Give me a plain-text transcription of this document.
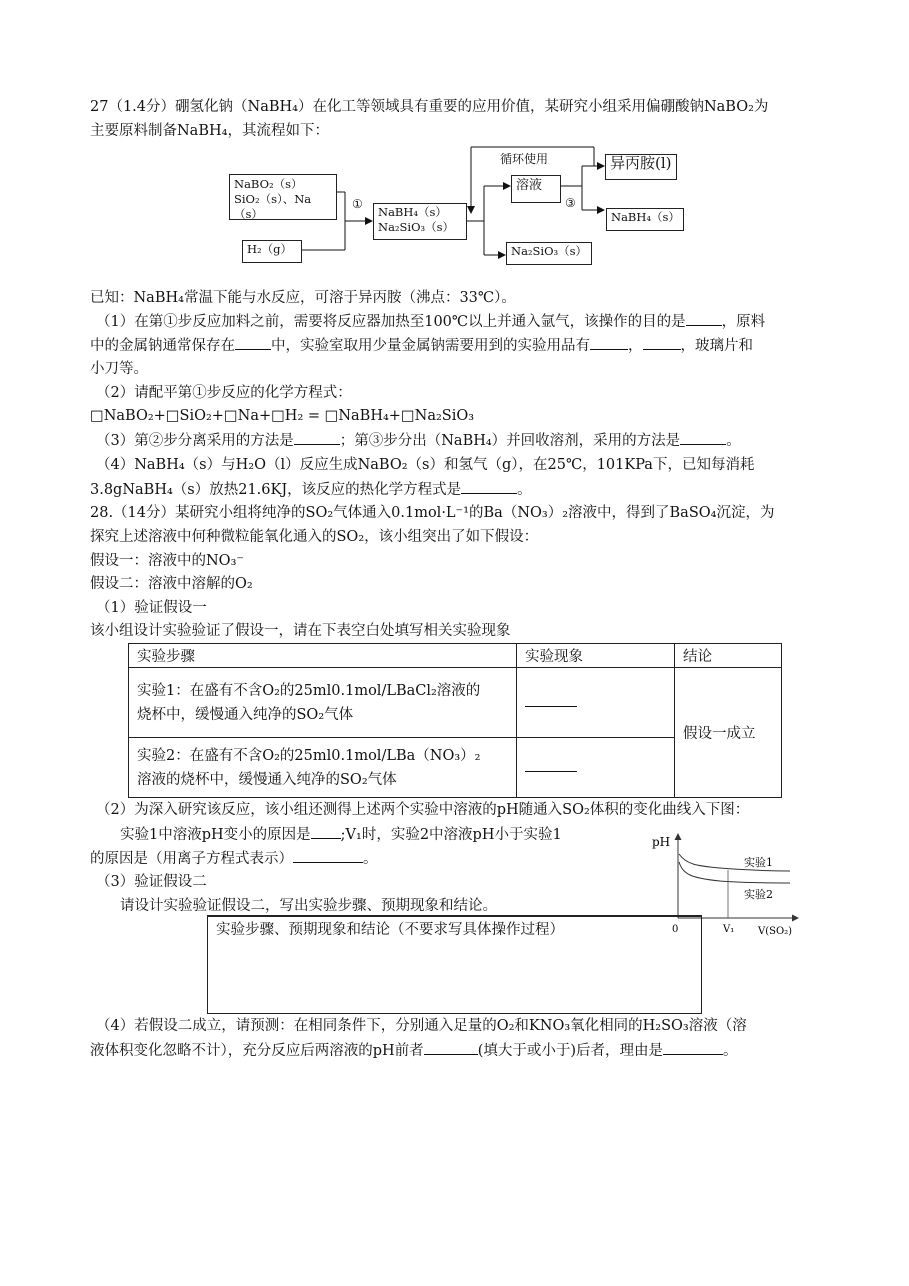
27（1.4分）硼氢化钠（NaBH₄）在化工等领域具有重要的应用价值，某研究小组采用偏硼酸钠NaBO₂为
主要原料制备NaBH₄，其流程如下：
NaBO₂（s）
SiO₂（s）、Na（s）
H₂（g）
①
NaBH₄（s）
Na₂SiO₃（s）
循环使用
溶液
③
异丙胺(l)
NaBH₄（s）
Na₂SiO₃（s）
已知：NaBH₄常温下能与水反应，可溶于异丙胺（沸点：33℃）。
（1）在第①步反应加料之前，需要将反应器加热至100℃以上并通入氩气，该操作的目的是 ，原料
中的金属钠通常保存在 中，实验室取用少量金属钠需要用到的实验用品有	，	，玻璃片和
小刀等。
（2）请配平第①步反应的化学方程式：
□NaBO₂+□SiO₂+□Na+□H₂ = □NaBH₄+□Na₂SiO₃
（3）第②步分离采用的方法是	；第③步分出（NaBH₄）并回收溶剂，采用的方法是	。
（4）NaBH₄（s）与H₂O（l）反应生成NaBO₂（s）和氢气（g），在25℃，101KPa下，已知每消耗
3.8gNaBH₄（s）放热21.6KJ，该反应的热化学方程式是	。
28.（14分）某研究小组将纯净的SO₂气体通入0.1mol·L⁻¹的Ba（NO₃）₂溶液中，得到了BaSO₄沉淀，为
探究上述溶液中何种微粒能氧化通入的SO₂，该小组突出了如下假设：
假设一：溶液中的NO₃⁻
假设二：溶液中溶解的O₂
（1）验证假设一
该小组设计实验验证了假设一，请在下表空白处填写相关实验现象
实验步骤	实验现象	结论

实验1：在盛有不含O₂的25ml0.1mol/LBaCl₂溶液的
烧杯中，缓慢通入纯净的SO₂气体		假设一成立

实验2：在盛有不含O₂的25ml0.1mol/LBa（NO₃）₂
溶液的烧杯中，缓慢通入纯净的SO₂气体		

（2）为深入研究该反应，该小组还测得上述两个实验中溶液的pH随通入SO₂体积的变化曲线入下图：
实验1中溶液pH变小的原因是 ;V₁时，实验2中溶液pH小于实验1
的原因是（用离子方程式表示）	。
（3）验证假设二
请设计实验验证假设二，写出实验步骤、预期现象和结论。
pH
实验1
实验2
0	V₁ V(SO₂)
实验步骤、预期现象和结论（不要求写具体操作过程）
（4）若假设二成立，请预测：在相同条件下，分别通入足量的O₂和KNO₃氧化相同的H₂SO₃溶液（溶
液体积变化忽略不计），充分反应后两溶液的pH前者	(填大于或小于)后者，理由是	。
